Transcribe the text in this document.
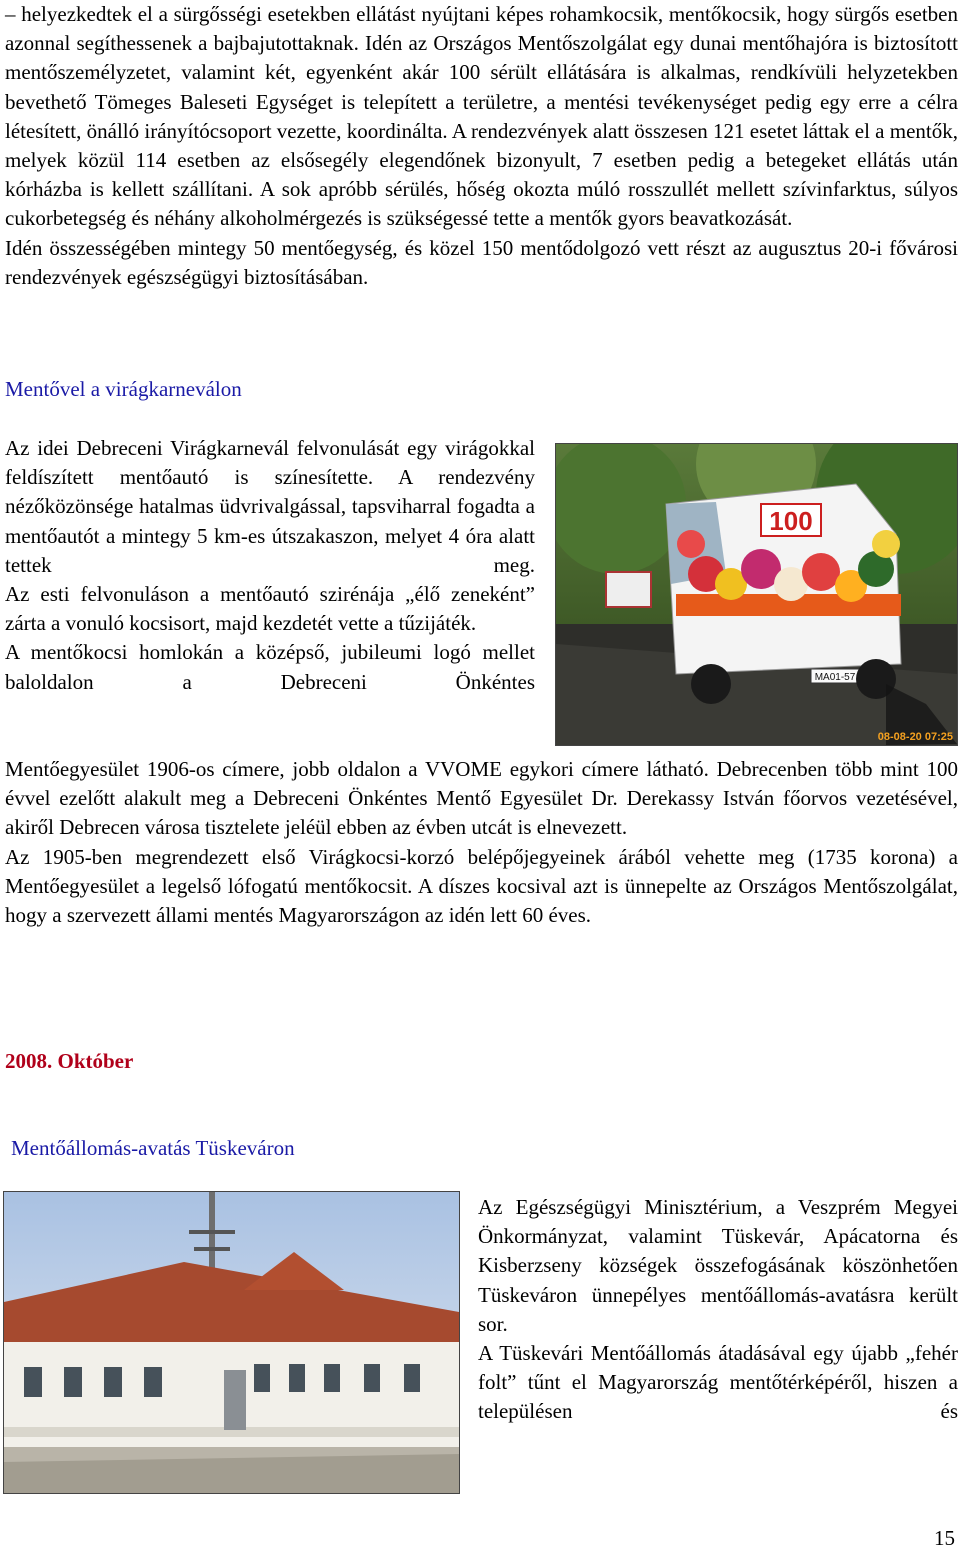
– helyezkedtek el a sürgősségi esetekben ellátást nyújtani képes rohamkocsik, mentőkocsik, hogy sürgős esetben azonnal segíthessenek a bajbajutottaknak. Idén az Országos Mentőszolgálat egy dunai mentőhajóra is biztosított mentőszemélyzetet, valamint két, egyenként akár 100 sérült ellátására is alkalmas, rendkívüli helyzetekben bevethető Tömeges Baleseti Egységet is telepített a területre, a mentési tevékenységet pedig egy erre a célra létesített, önálló irányítócsoport vezette, koordinálta. A rendezvények alatt összesen 121 esetet láttak el a mentők, melyek közül 114 esetben az elsősegély elegendőnek bizonyult, 7 esetben pedig a betegeket ellátás után kórházba is kellett szállítani. A sok apróbb sérülés, hőség okozta múló rosszullét mellett szívinfarktus, súlyos cukorbetegség és néhány alkoholmérgezés is szükségessé tette a mentők gyors beavatkozását.

Idén összességében mintegy 50 mentőegység, és közel 150 mentődolgozó vett részt az augusztus 20-i fővárosi rendezvények egészségügyi biztosításában.

Mentővel a virágkarneválon

Az idei Debreceni Virágkarnevál felvonulását egy virágokkal feldíszített mentőautó is színesítette. A rendezvény nézőközönsége hatalmas üdvrivalgással, tapsviharral fogadta a mentőautót a mintegy 5 km-es útszakaszon, melyet 4 óra alatt tettek meg.

Az esti felvonuláson a mentőautó szirénája „élő zeneként” zárta a vonuló kocsisort, majd kezdetét vette a tűzijáték.

A mentőkocsi homlokán a középső, jubileumi logó mellet baloldalon a Debreceni Önkéntes

100
MA01-57
08-08-20 07:25

Mentőegyesület 1906-os címere, jobb oldalon a VVOME egykori címere látható. Debrecenben több mint 100 évvel ezelőtt alakult meg a Debreceni Önkéntes Mentő Egyesület Dr. Derekassy István főorvos vezetésével, akiről Debrecen városa tisztelete jeléül ebben az évben utcát is elnevezett.

Az 1905-ben megrendezett első Virágkocsi-korzó belépőjegyeinek árából vehette meg (1735 korona) a Mentőegyesület a legelső lófogatú mentőkocsit. A díszes kocsival azt is ünnepelte az Országos Mentőszolgálat, hogy a szervezett állami mentés Magyarországon az idén lett 60 éves.

2008. Október
Mentőállomás-avatás Tüskeváron

Az Egészségügyi Minisztérium, a Veszprém Megyei Önkormányzat, valamint Tüskevár, Apácatorna és Kisberzseny községek összefogásának köszönhetően Tüskeváron ünnepélyes mentőállomás-avatásra került sor.

A Tüskevári Mentőállomás átadásával egy újabb „fehér folt” tűnt el Magyarország mentőtérképéről, hiszen a településen és

15
